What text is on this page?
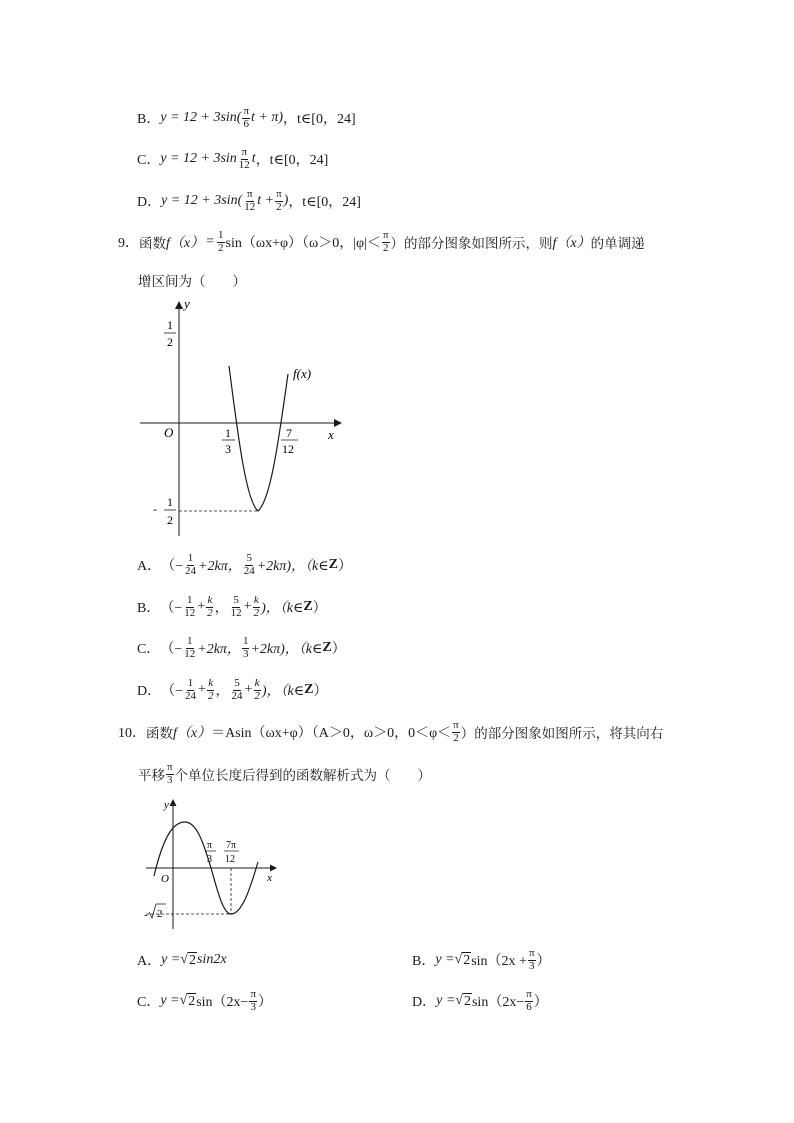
B． $y = 12 + 3\sin( \frac{\pi}{6}$ t + π) ，t∈[0，24]
C． $y = 12 + 3\sin \frac{\pi}{12}$ t ，t∈[0，24]
D． $y = 12 + 3\sin( \frac{\pi}{12}$ $t + \frac{\pi}{2}$ ) ，t∈[0，24]
9． 函数 $f(x) = \frac{1}{2} \sin(\omega x+\varphi)(\omega>0$，$|\varphi|< \frac{\pi}{2}$ ）的部分图象如图所示，则 f（x） 的单调递
增区间为（　　）
y
x
O
f(x)
1
2
- 1
2
1
3
7
12
A． （− $\frac{1}{24} +2k\pi$， $\frac{5}{24} +2k\pi$)，（k∈ Z ）
B． （− $\frac{1}{12} + \frac{k}{2}$ ， $\frac{5}{12} + \frac{k}{2}$ )，（k∈ Z ）
C． （− $\frac{1}{12} +2k\pi$， $\frac{1}{3} +2k\pi$)，（k∈ Z ）
D． （− $\frac{1}{24} + \frac{k}{2}$ ， $\frac{5}{24} + \frac{k}{2}$ )，（k∈ Z ）
10． 函数 f（x） ＝Asin（ωx+φ）（A＞0，ω＞0，$0<\varphi< \frac{\pi}{2}$ ）的部分图象如图所示，将其向右
平移 $\frac{\pi}{3}$ 个单位长度后得到的函数解析式为（　　）
y
x
O
π
3
7π
12
- 2
A． y = √ 2 sin2x	B． y = √ 2 $\sin(2x + \frac{\pi}{3}$ ）
C． y = √ 2 $\sin(2x- \frac{\pi}{3}$ ）	D． y = √ 2 $\sin(2x- \frac{\pi}{6}$ ）
